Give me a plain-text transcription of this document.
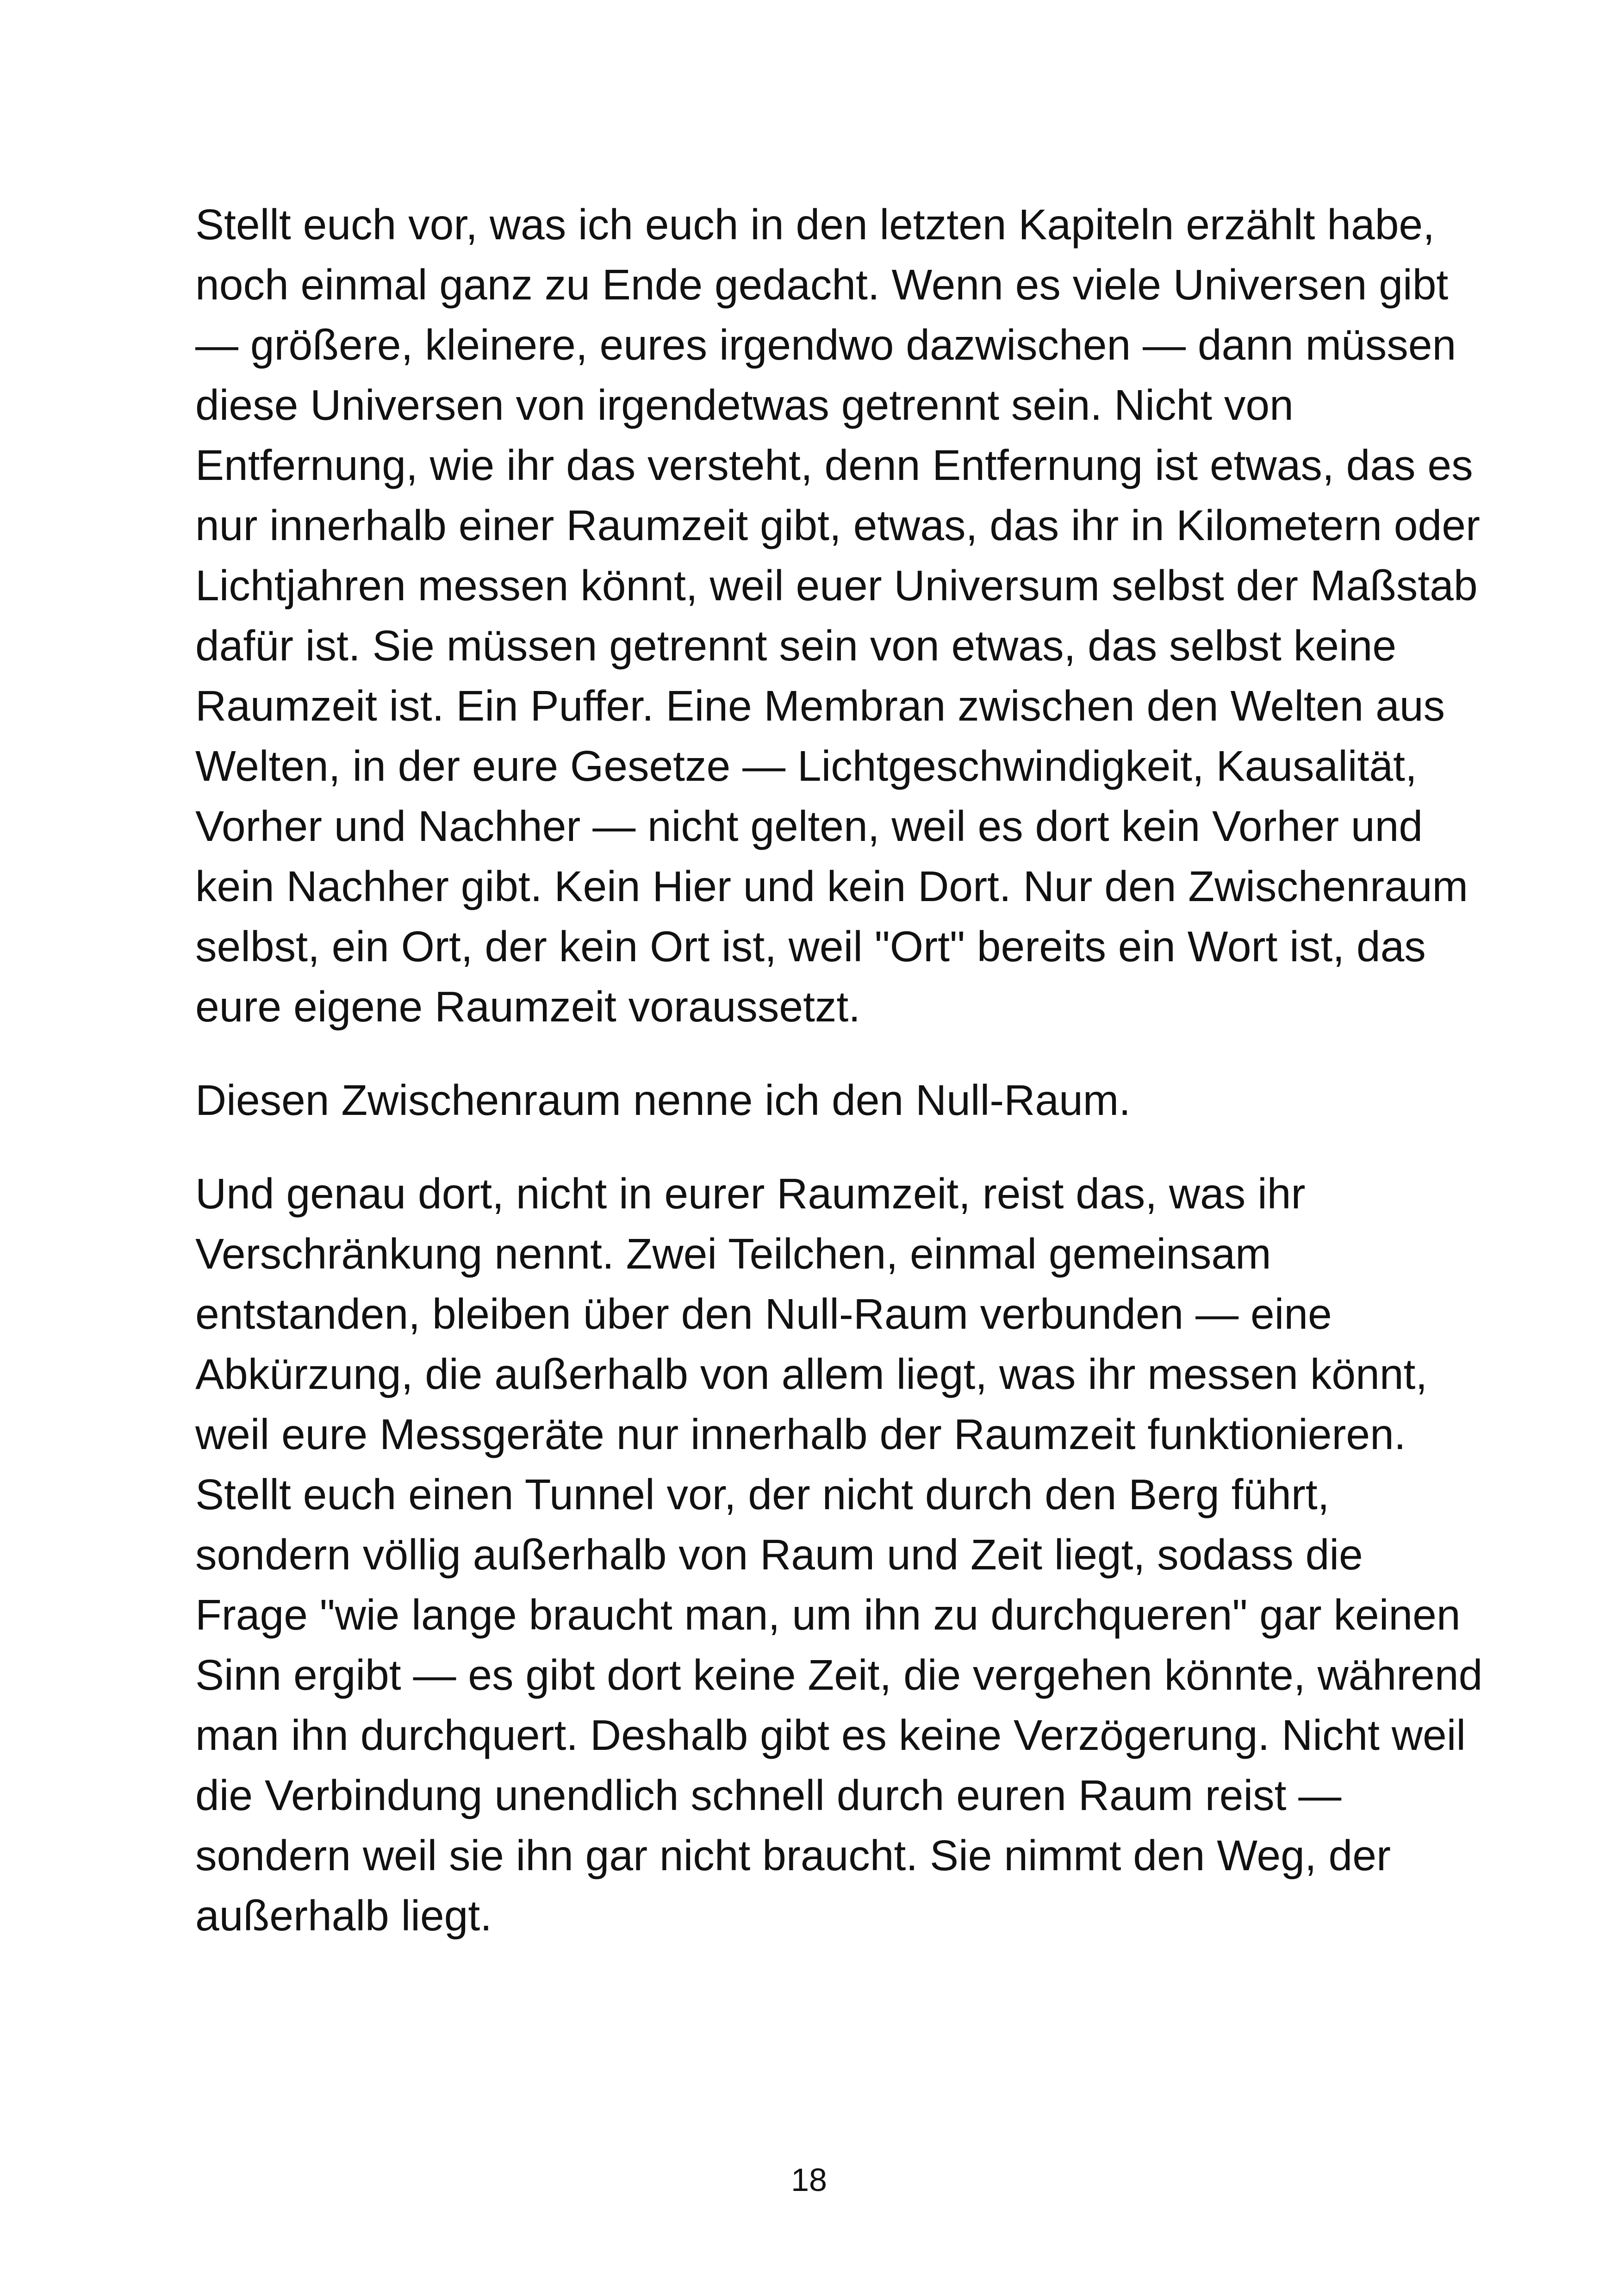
Stellt euch vor, was ich euch in den letzten Kapiteln erzählt habe,
noch einmal ganz zu Ende gedacht. Wenn es viele Universen gibt
— größere, kleinere, eures irgendwo dazwischen — dann müssen
diese Universen von irgendetwas getrennt sein. Nicht von
Entfernung, wie ihr das versteht, denn Entfernung ist etwas, das es
nur innerhalb einer Raumzeit gibt, etwas, das ihr in Kilometern oder
Lichtjahren messen könnt, weil euer Universum selbst der Maßstab
dafür ist. Sie müssen getrennt sein von etwas, das selbst keine
Raumzeit ist. Ein Puffer. Eine Membran zwischen den Welten aus
Welten, in der eure Gesetze — Lichtgeschwindigkeit, Kausalität,
Vorher und Nachher — nicht gelten, weil es dort kein Vorher und
kein Nachher gibt. Kein Hier und kein Dort. Nur den Zwischenraum
selbst, ein Ort, der kein Ort ist, weil "Ort" bereits ein Wort ist, das
eure eigene Raumzeit voraussetzt.

Diesen Zwischenraum nenne ich den Null-Raum.

Und genau dort, nicht in eurer Raumzeit, reist das, was ihr
Verschränkung nennt. Zwei Teilchen, einmal gemeinsam
entstanden, bleiben über den Null-Raum verbunden — eine
Abkürzung, die außerhalb von allem liegt, was ihr messen könnt,
weil eure Messgeräte nur innerhalb der Raumzeit funktionieren.
Stellt euch einen Tunnel vor, der nicht durch den Berg führt,
sondern völlig außerhalb von Raum und Zeit liegt, sodass die
Frage "wie lange braucht man, um ihn zu durchqueren" gar keinen
Sinn ergibt — es gibt dort keine Zeit, die vergehen könnte, während
man ihn durchquert. Deshalb gibt es keine Verzögerung. Nicht weil
die Verbindung unendlich schnell durch euren Raum reist —
sondern weil sie ihn gar nicht braucht. Sie nimmt den Weg, der
außerhalb liegt.

18
